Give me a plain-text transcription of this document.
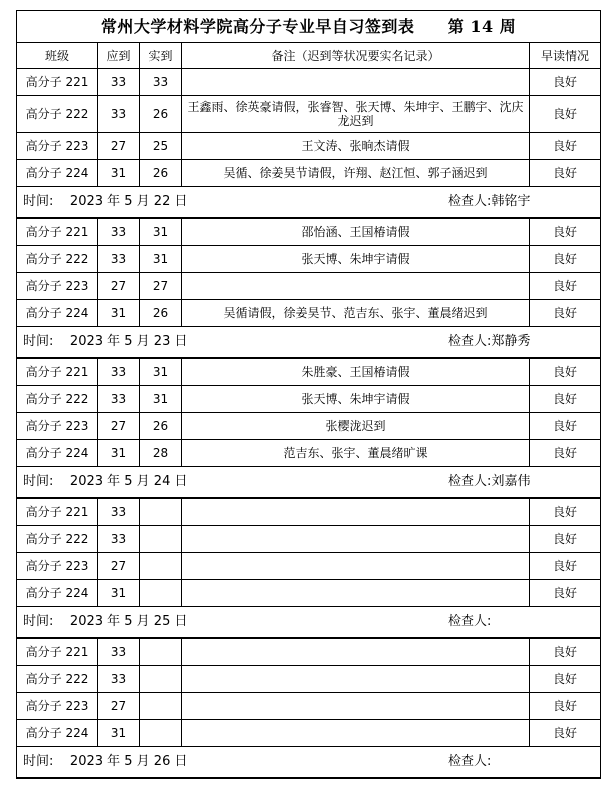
常州大学材料学院高分子专业早自习签到表 第 14 周				
班级	应到	实到	备注（迟到等状况要实名记录）	早读情况
高分子 221	33	33		良好
高分子 222	33	26	王鑫雨、徐英豪请假，张睿智、张天博、朱坤宇、王鹏宇、沈庆龙迟到	良好
高分子 223	27	25	王文涛、张晌杰请假	良好
高分子 224	31	26	吴循、徐姜昊节请假，许翔、赵江恒、郭子涵迟到	良好
时间: 2023 年 5 月 22 日 检查人:韩铭宇				

高分子 221	33	31	邵怡涵、王国椿请假	良好
高分子 222	33	31	张天博、朱坤宇请假	良好
高分子 223	27	27		良好
高分子 224	31	26	吴循请假，徐姜昊节、范吉东、张宇、董晨绪迟到	良好
时间: 2023 年 5 月 23 日 检查人:郑静秀				

高分子 221	33	31	朱胜豪、王国椿请假	良好
高分子 222	33	31	张天博、朱坤宇请假	良好
高分子 223	27	26	张樱泷迟到	良好
高分子 224	31	28	范吉东、张宇、董晨绪旷课	良好
时间: 2023 年 5 月 24 日 检查人:刘嘉伟				

高分子 221	33			良好
高分子 222	33			良好
高分子 223	27			良好
高分子 224	31			良好
时间: 2023 年 5 月 25 日 检查人:				

高分子 221	33			良好
高分子 222	33			良好
高分子 223	27			良好
高分子 224	31			良好
时间: 2023 年 5 月 26 日 检查人:				
